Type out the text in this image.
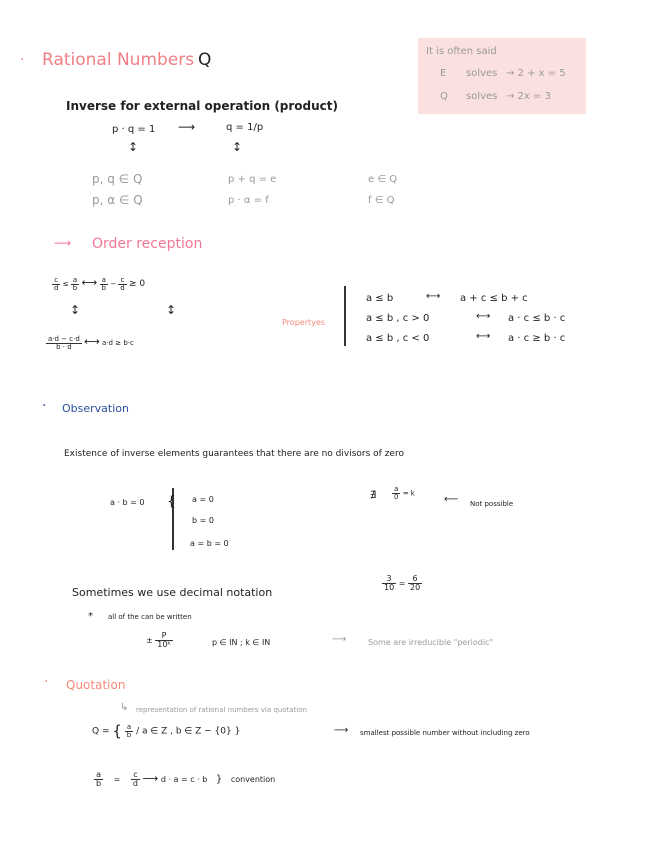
· Rational Numbers Q	It is often said
E solves → 2 + x = 5
Q solves → 2x = 3
Inverse for external operation (product)
p · q = 1 ⟶	q = 1/p
↕	↕
p, q ∈ Q	p + q = e	e ∈ Q
p, α ∈ Q	p · α = f	f ∈ Q
⟶ Order reception
$\frac{c}{d} \le \frac{a}{b}$ ⟷ $\frac{a}{b} - \frac{c}{d} \ge 0$
↕	↕
$\frac{a\cdot d - c\cdot d}{b \cdot d}$ ⟷ a·d ≥ b·c
Propertyes
a ≤ b	⟷ a + c ≤ b + c
a ≤ b , c > 0	⟷ a · c ≤ b · c
a ≤ b , c < 0	⟷ a · c ≥ b · c
· Observation
Existence of inverse elements guarantees that there are no divisors of zero
a · b = 0 { a = 0
b = 0
a = b = 0
∄ $\frac{a}{0} = k$
⟵ Not possible
Sometimes we use decimal notation
$\frac{3}{10} = \frac{6}{20}$
* all of the can be written
± $\frac{P}{\text{10ᴷ}}$	p ∈ IN ; k ∈ IN	⟶	Some are irreducible "periodic"
· Quotation
↳ representation of rational numbers via quotation
Q = { $\frac{a}{b}$ / a ∈ Z , b ∈ Z − {0} }	⟶ smallest possible number without including zero
$\frac{a}{b} = \frac{c}{d}$ ⟶ d · a = c · b } convention
